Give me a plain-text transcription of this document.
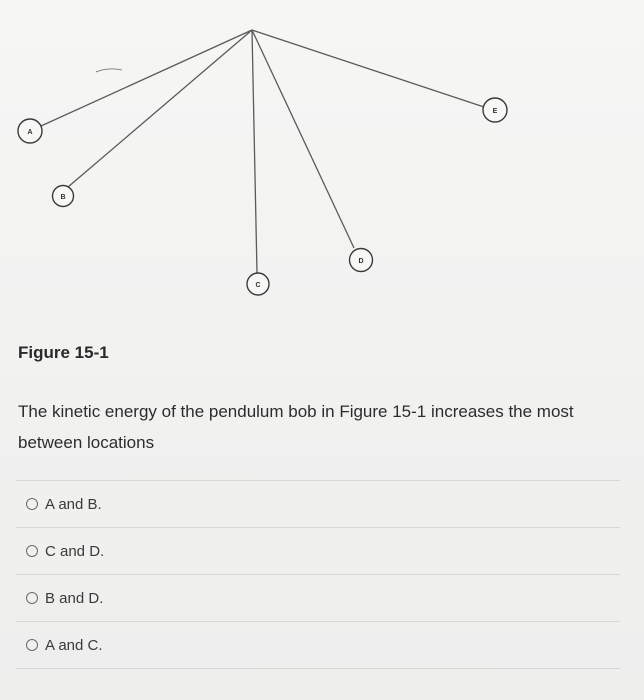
A
B
C
D
E
Figure 15-1
The kinetic energy of the pendulum bob in Figure 15-1 increases the most between locations
A and B.
C and D.
B and D.
A and C.
